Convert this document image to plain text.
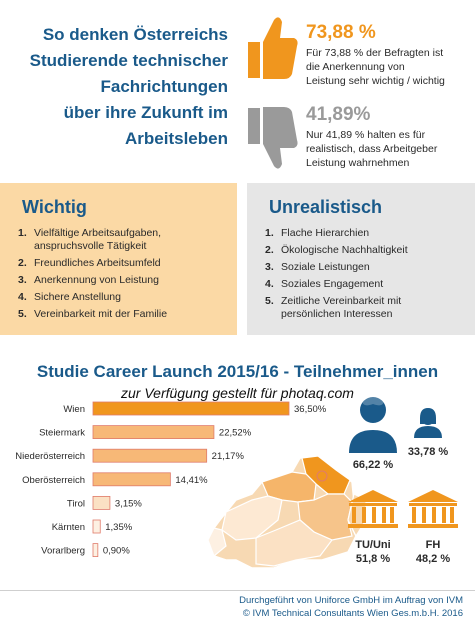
So denken Österreichs
Studierende technischer
Fachrichtungen
über ihre Zukunft im
Arbeitsleben
73,88 %
Für 73,88 % der Befragten ist
die Anerkennung von
Leistung sehr wichtig / wichtig
41,89%
Nur 41,89 % halten es für
realistisch, dass Arbeitgeber
Leistung wahrnehmen
Wichtig
1. Vielfältige Arbeitsaufgaben,
anspruchsvolle Tätigkeit
2. Freundliches Arbeitsumfeld
3. Anerkennung von Leistung
4. Sichere Anstellung
5. Vereinbarkeit mit der Familie
Unrealistisch
1. Flache Hierarchien
2. Ökologische Nachhaltigkeit
3. Soziale Leistungen
4. Soziales Engagement
5. Zeitliche Vereinbarkeit mit
persönlichen Interessen
Studie Career Launch 2015/16 - Teilnehmer_innen
zur Verfügung gestellt für photaq.com
Wien	36,50%
Steiermark	22,52%
Niederösterreich	21,17%
Oberösterreich	14,41%
Tirol	3,15%
Kärnten 1,35%
Vorarlberg 0,90%
66,22 %
33,78 %
TU/Uni
51,8 %
FH
48,2 %
Durchgeführt von Uniforce GmbH im Auftrag von IVM
© IVM Technical Consultants Wien Ges.m.b.H. 2016
